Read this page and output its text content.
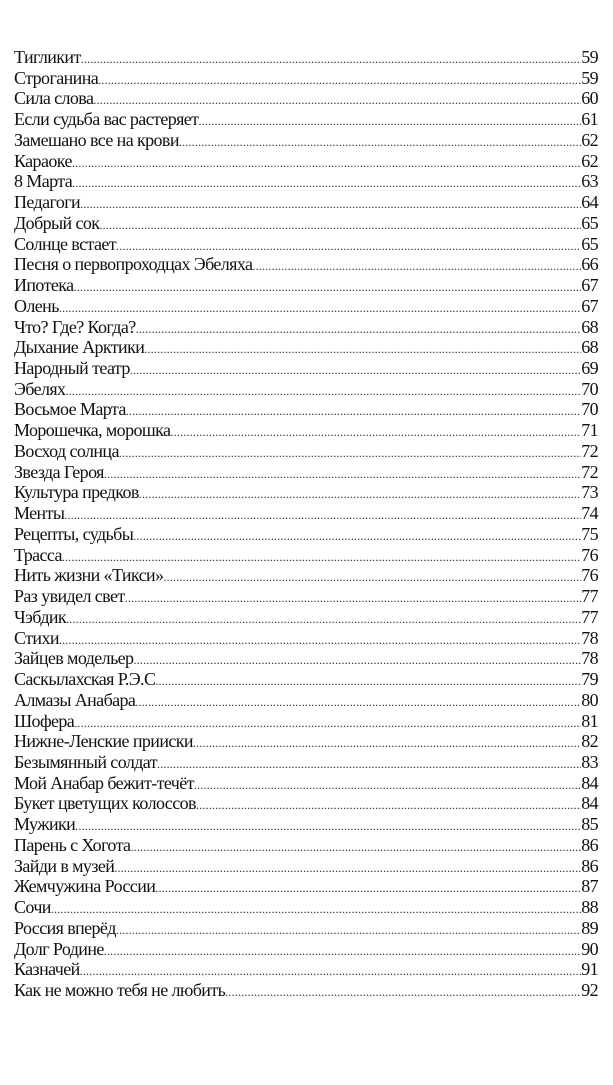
Тигликит .....	59
Строганина .....	59
Сила слова .....	60
Если судьба вас растеряет .....	61
Замешано все на крови .....	62
Караоке .....	62
8 Марта .....	63
Педагоги .....	64
Добрый сок .....	65
Солнце встает .....	65
Песня о первопроходцах Эбеляха .....	66
Ипотека .....	67
Олень .....	67
Что? Где? Когда? .....	68
Дыхание Арктики .....	68
Народный театр .....	69
Эбелях .....	70
Восьмое Марта .....	70
Морошечка, морошка .....	71
Восход солнца .....	72
Звезда Героя .....	72
Культура предков .....	73
Менты .....	74
Рецепты, судьбы .....	75
Трасса .....	76
Нить жизни «Тикси» .....	76
Раз увидел свет .....	77
Чэбдик .....	77
Стихи .....	78
Зайцев модельер .....	78
Саскылахская Р.Э.С .....	79
Алмазы Анабара .....	80
Шофера .....	81
Нижне-Ленские прииски .....	82
Безымянный солдат .....	83
Мой Анабар бежит-течёт .....	84
Букет цветущих колоссов .....	84
Мужики .....	85
Парень с Хогота .....	86
Зайди в музей .....	86
Жемчужина России .....	87
Сочи .....	88
Россия вперёд .....	89
Долг Родине .....	90
Казначей .....	91
Как не можно тебя не любить .....	92
